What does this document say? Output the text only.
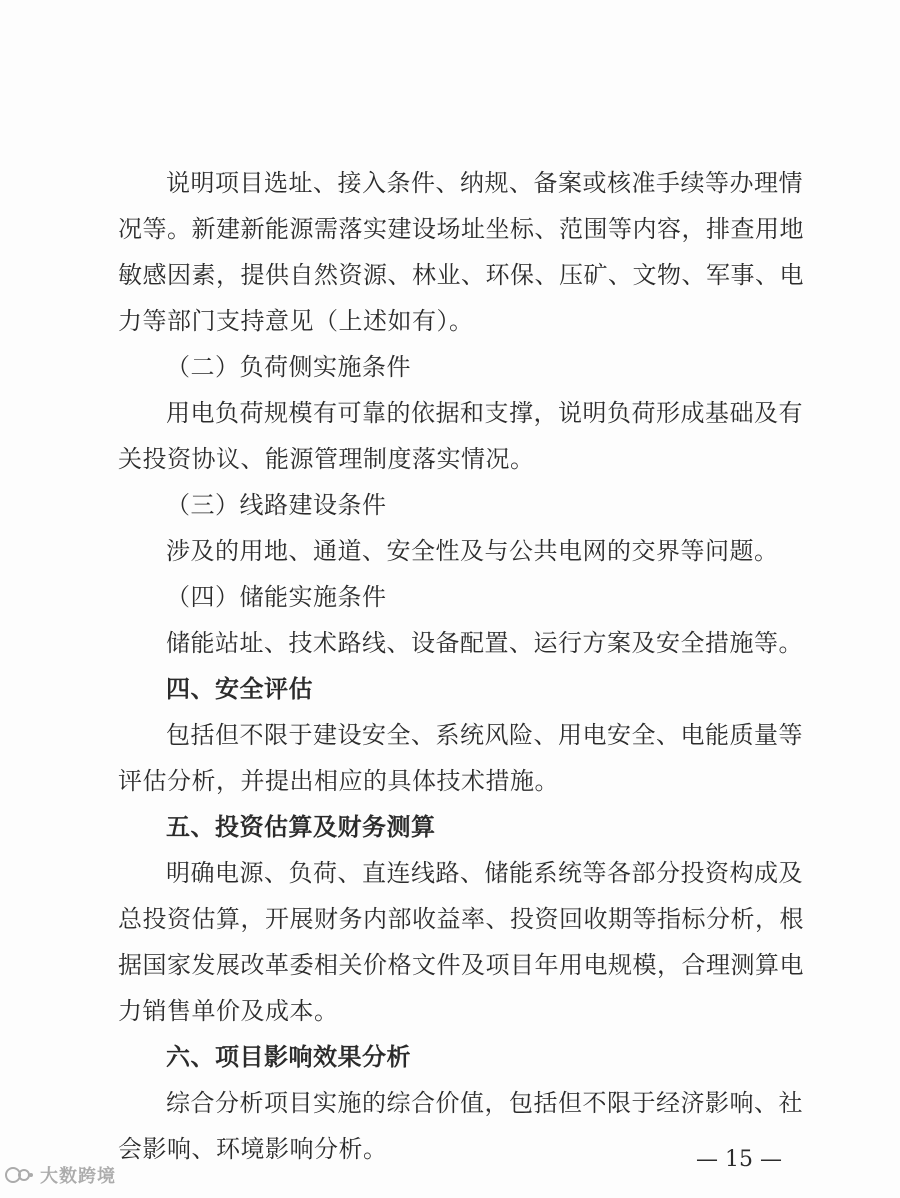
说明项目选址、接入条件、纳规、备案或核准手续等办理情
况等。新建新能源需落实建设场址坐标、范围等内容，排查用地
敏感因素，提供自然资源、林业、环保、压矿、文物、军事、电
力等部门支持意见（上述如有）。
（二）负荷侧实施条件
用电负荷规模有可靠的依据和支撑，说明负荷形成基础及有
关投资协议、能源管理制度落实情况。
（三）线路建设条件
涉及的用地、通道、安全性及与公共电网的交界等问题。
（四）储能实施条件
储能站址、技术路线、设备配置、运行方案及安全措施等。
四、安全评估
包括但不限于建设安全、系统风险、用电安全、电能质量等
评估分析，并提出相应的具体技术措施。
五、投资估算及财务测算
明确电源、负荷、直连线路、储能系统等各部分投资构成及
总投资估算，开展财务内部收益率、投资回收期等指标分析，根
据国家发展改革委相关价格文件及项目年用电规模，合理测算电
力销售单价及成本。
六、项目影响效果分析
综合分析项目实施的综合价值，包括但不限于经济影响、社
会影响、环境影响分析。	— 15 —
大数跨境
